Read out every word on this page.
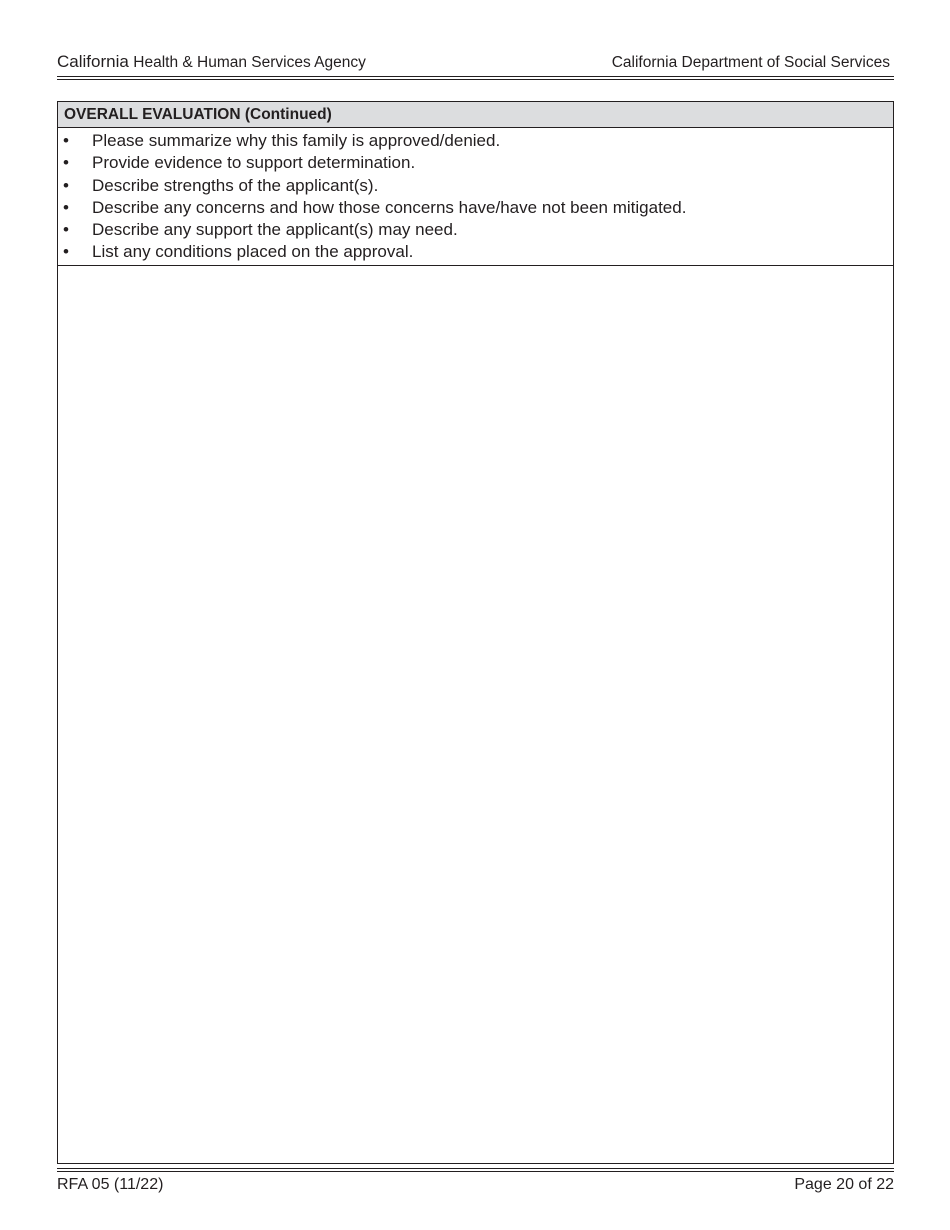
California Health & Human Services Agency	California Department of Social Services
OVERALL EVALUATION (Continued)
• Please summarize why this family is approved/denied.
• Provide evidence to support determination.
• Describe strengths of the applicant(s).
• Describe any concerns and how those concerns have/have not been mitigated.
• Describe any support the applicant(s) may need.
• List any conditions placed on the approval.
RFA 05 (11/22)	Page 20 of 22
